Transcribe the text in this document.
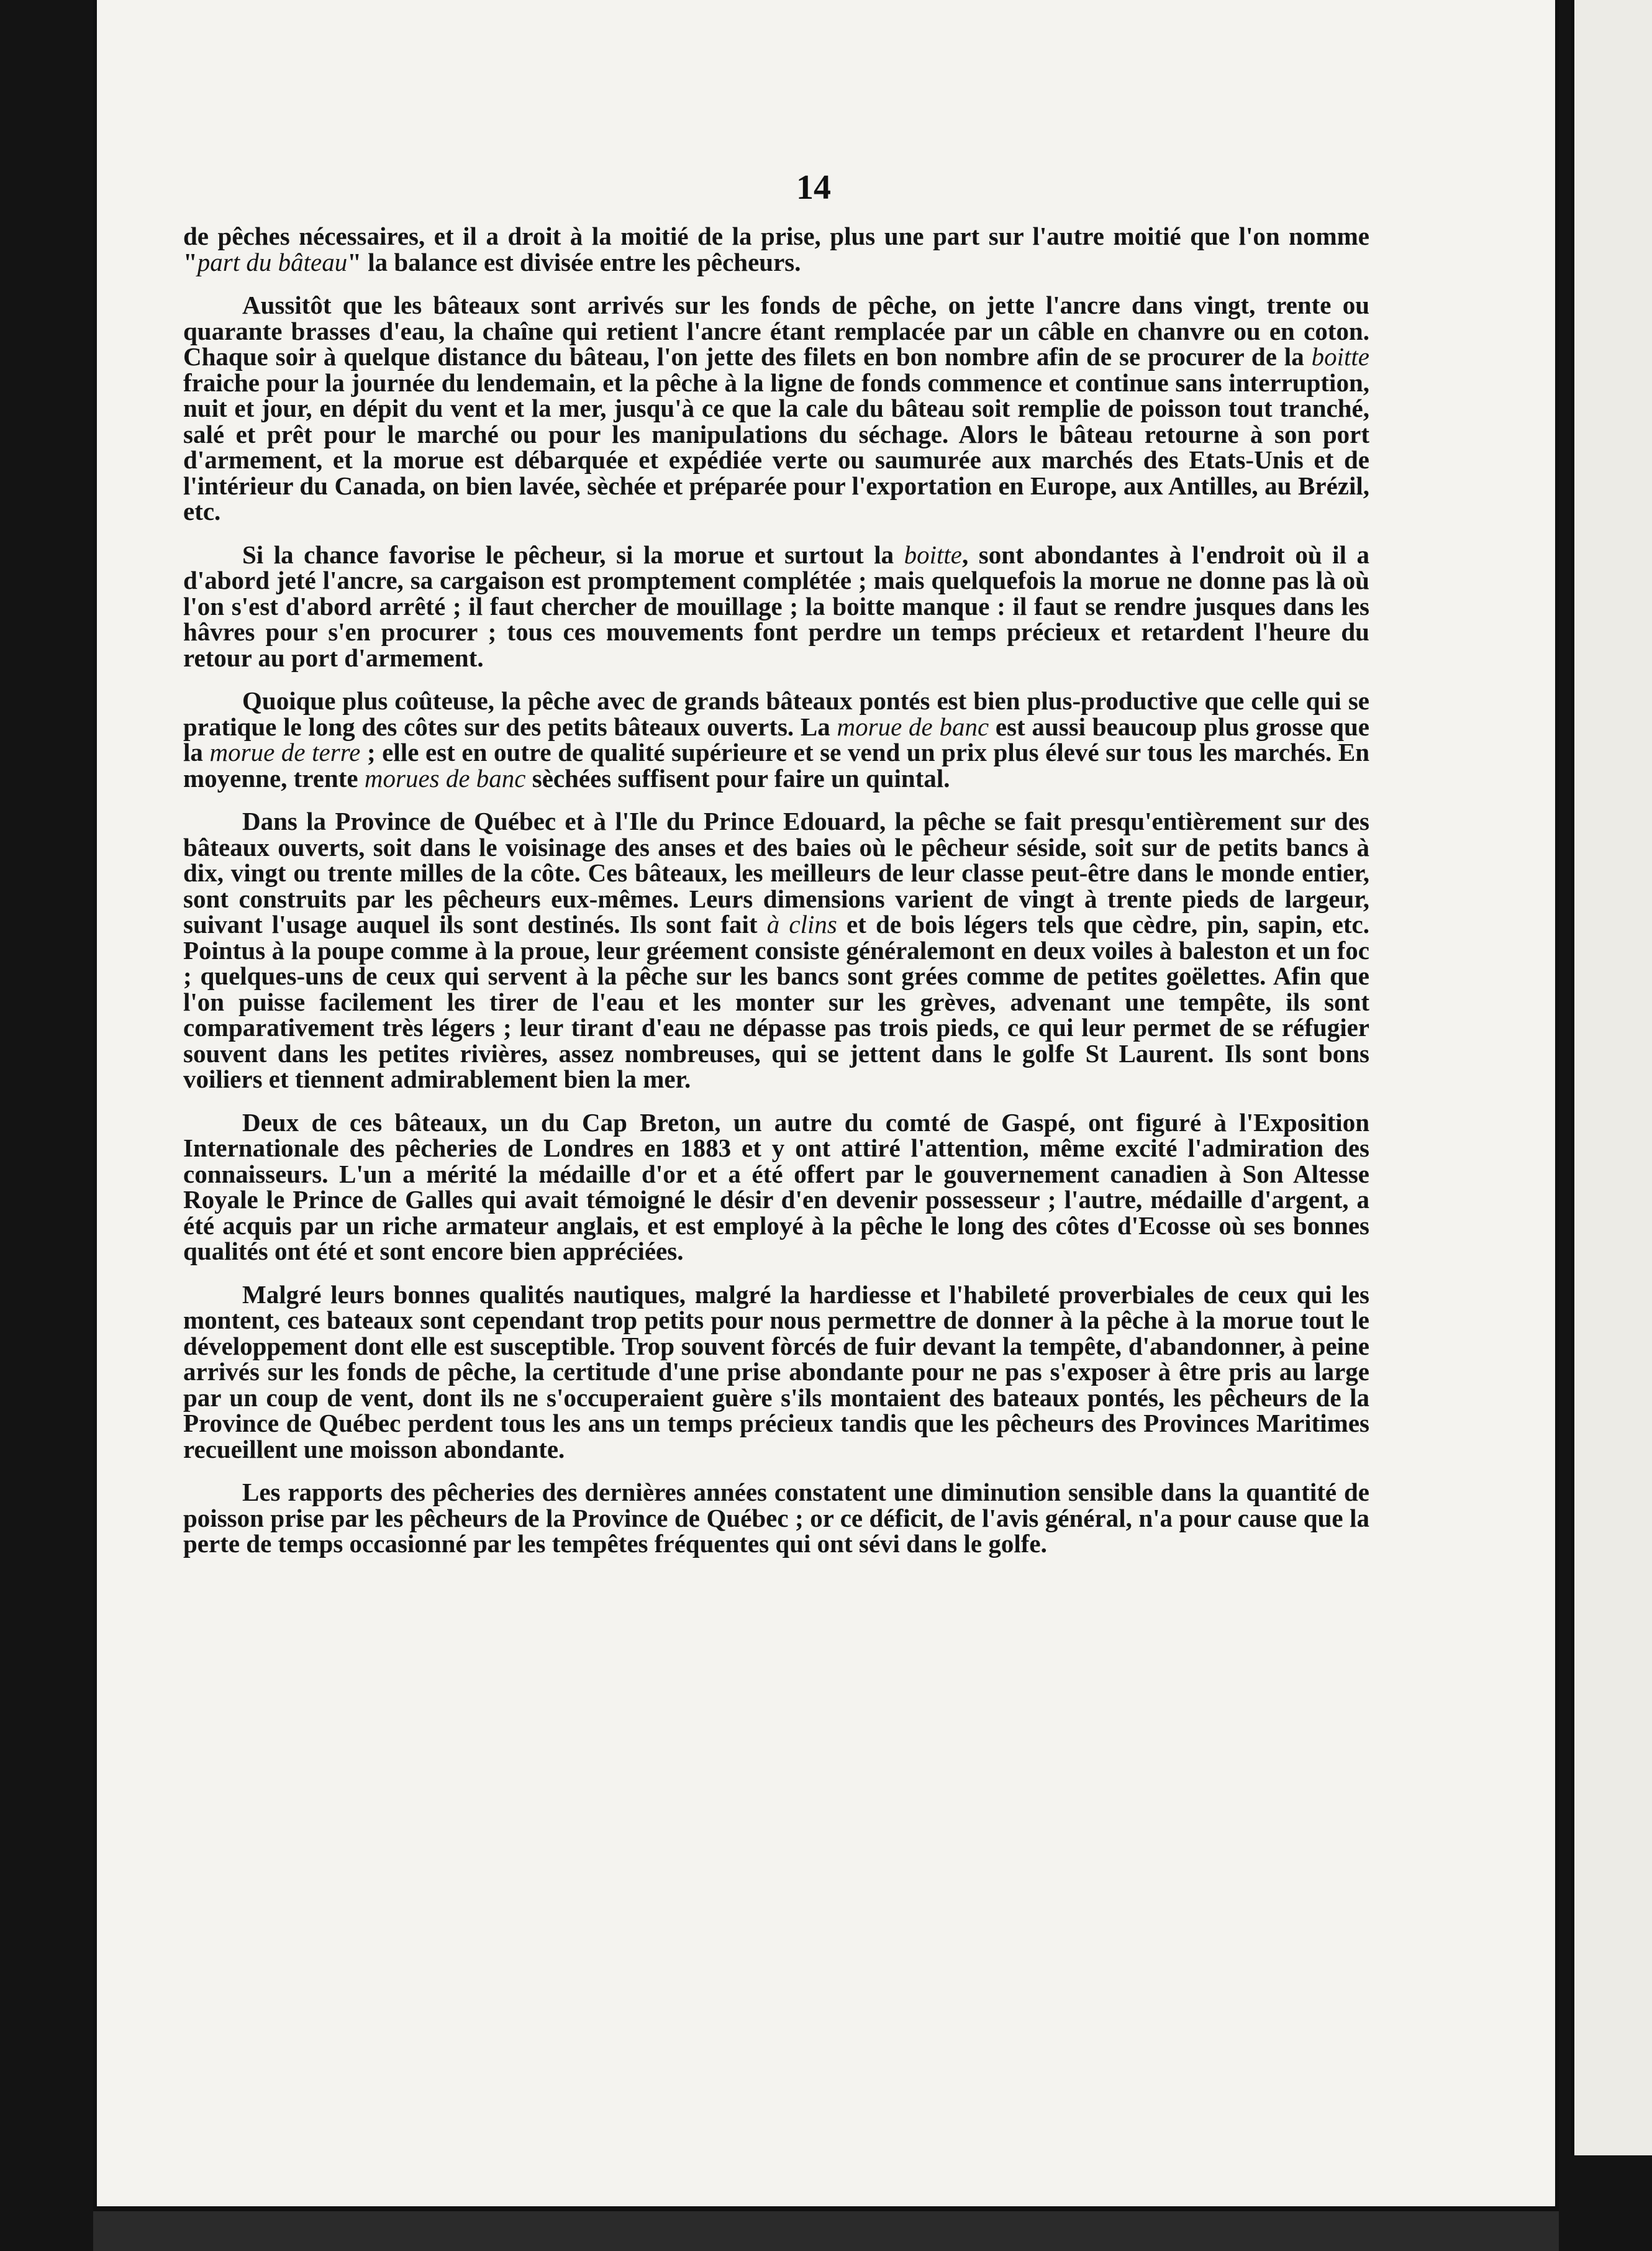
14

de pêches nécessaires, et il a droit à la moitié de la prise, plus une part sur l'autre moitié que l'on nomme "part du bâteau" la balance est divisée entre les pêcheurs.

Aussitôt que les bâteaux sont arrivés sur les fonds de pêche, on jette l'ancre dans vingt, trente ou quarante brasses d'eau, la chaîne qui retient l'ancre étant remplacée par un câble en chanvre ou en coton. Chaque soir à quelque distance du bâteau, l'on jette des filets en bon nombre afin de se procurer de la boitte fraiche pour la journée du lendemain, et la pêche à la ligne de fonds commence et continue sans interruption, nuit et jour, en dépit du vent et la mer, jusqu'à ce que la cale du bâteau soit remplie de poisson tout tranché, salé et prêt pour le marché ou pour les manipulations du séchage. Alors le bâteau retourne à son port d'armement, et la morue est débarquée et expédiée verte ou saumurée aux marchés des Etats-Unis et de l'intérieur du Canada, on bien lavée, sèchée et préparée pour l'exportation en Europe, aux Antilles, au Brézil, etc.

Si la chance favorise le pêcheur, si la morue et surtout la boitte, sont abondantes à l'endroit où il a d'abord jeté l'ancre, sa cargaison est promptement complétée ; mais quelquefois la morue ne donne pas là où l'on s'est d'abord arrêté ; il faut chercher de mouillage ; la boitte manque : il faut se rendre jusques dans les hâvres pour s'en procurer ; tous ces mouvements font perdre un temps précieux et retardent l'heure du retour au port d'armement.

Quoique plus coûteuse, la pêche avec de grands bâteaux pontés est bien plus-productive que celle qui se pratique le long des côtes sur des petits bâteaux ouverts. La morue de banc est aussi beaucoup plus grosse que la morue de terre ; elle est en outre de qualité supérieure et se vend un prix plus élevé sur tous les marchés. En moyenne, trente morues de banc sèchées suffisent pour faire un quintal.

Dans la Province de Québec et à l'Ile du Prince Edouard, la pêche se fait presqu'entièrement sur des bâteaux ouverts, soit dans le voisinage des anses et des baies où le pêcheur séside, soit sur de petits bancs à dix, vingt ou trente milles de la côte. Ces bâteaux, les meilleurs de leur classe peut-être dans le monde entier, sont construits par les pêcheurs eux-mêmes. Leurs dimensions varient de vingt à trente pieds de largeur, suivant l'usage auquel ils sont destinés. Ils sont fait à clins et de bois légers tels que cèdre, pin, sapin, etc. Pointus à la poupe comme à la proue, leur gréement consiste généralemont en deux voiles à baleston et un foc ; quelques-uns de ceux qui servent à la pêche sur les bancs sont grées comme de petites goëlettes. Afin que l'on puisse facilement les tirer de l'eau et les monter sur les grèves, advenant une tempête, ils sont comparativement très légers ; leur tirant d'eau ne dépasse pas trois pieds, ce qui leur permet de se réfugier souvent dans les petites rivières, assez nombreuses, qui se jettent dans le golfe St Laurent. Ils sont bons voiliers et tiennent admirablement bien la mer.

Deux de ces bâteaux, un du Cap Breton, un autre du comté de Gaspé, ont figuré à l'Exposition Internationale des pêcheries de Londres en 1883 et y ont attiré l'attention, même excité l'admiration des connaisseurs. L'un a mérité la médaille d'or et a été offert par le gouvernement canadien à Son Altesse Royale le Prince de Galles qui avait témoigné le désir d'en devenir possesseur ; l'autre, médaille d'argent, a été acquis par un riche armateur anglais, et est employé à la pêche le long des côtes d'Ecosse où ses bonnes qualités ont été et sont encore bien appréciées.

Malgré leurs bonnes qualités nautiques, malgré la hardiesse et l'habileté proverbiales de ceux qui les montent, ces bateaux sont cependant trop petits pour nous permettre de donner à la pêche à la morue tout le développement dont elle est susceptible. Trop souvent fòrcés de fuir devant la tempête, d'abandonner, à peine arrivés sur les fonds de pêche, la certitude d'une prise abondante pour ne pas s'exposer à être pris au large par un coup de vent, dont ils ne s'occuperaient guère s'ils montaient des bateaux pontés, les pêcheurs de la Province de Québec perdent tous les ans un temps précieux tandis que les pêcheurs des Provinces Maritimes recueillent une moisson abondante.

Les rapports des pêcheries des dernières années constatent une diminution sensible dans la quantité de poisson prise par les pêcheurs de la Province de Québec ; or ce déficit, de l'avis général, n'a pour cause que la perte de temps occasionné par les tempêtes fréquentes qui ont sévi dans le golfe.
